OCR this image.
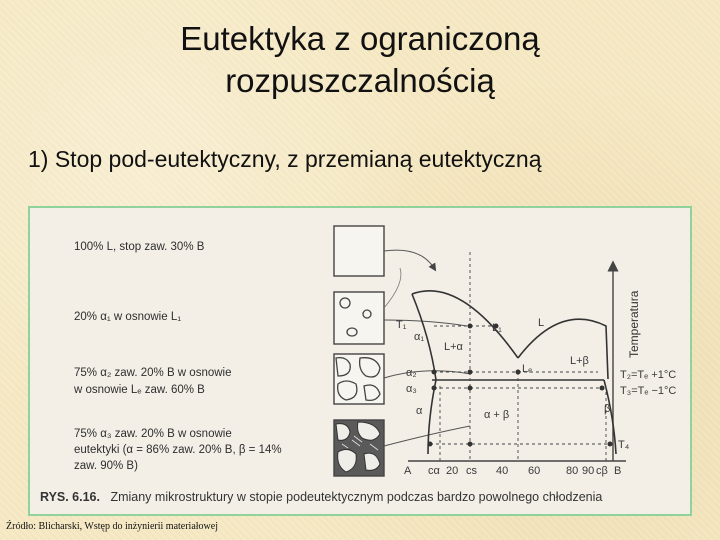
Eutektyka z ograniczoną
rozpuszczalnością
1) Stop pod-eutektyczny, z przemianą eutektyczną
100% L, stop zaw. 30% B
20% α₁ w osnowie L₁
75% α₂ zaw. 20% B w osnowie w osnowie Lₑ zaw. 60% B
75% α₃ zaw. 20% B w osnowie eutektyki (α = 86% zaw. 20% B, β = 14% zaw. 90% B)
T₁
α₁
L₁	L
L+α
Lₑ
L+β
α₂
α₃
α	α + β	β
T₂=Tₑ +1°C
T₃=Tₑ −1°C
T₄
Temperatura
A cα 20 cs 40 60 80 90 cβ B
RYS. 6.16. Zmiany mikrostruktury w stopie podeutektycznym podczas bardzo powolnego chłodzenia
Źródło: Blicharski, Wstęp do inżynierii materiałowej
